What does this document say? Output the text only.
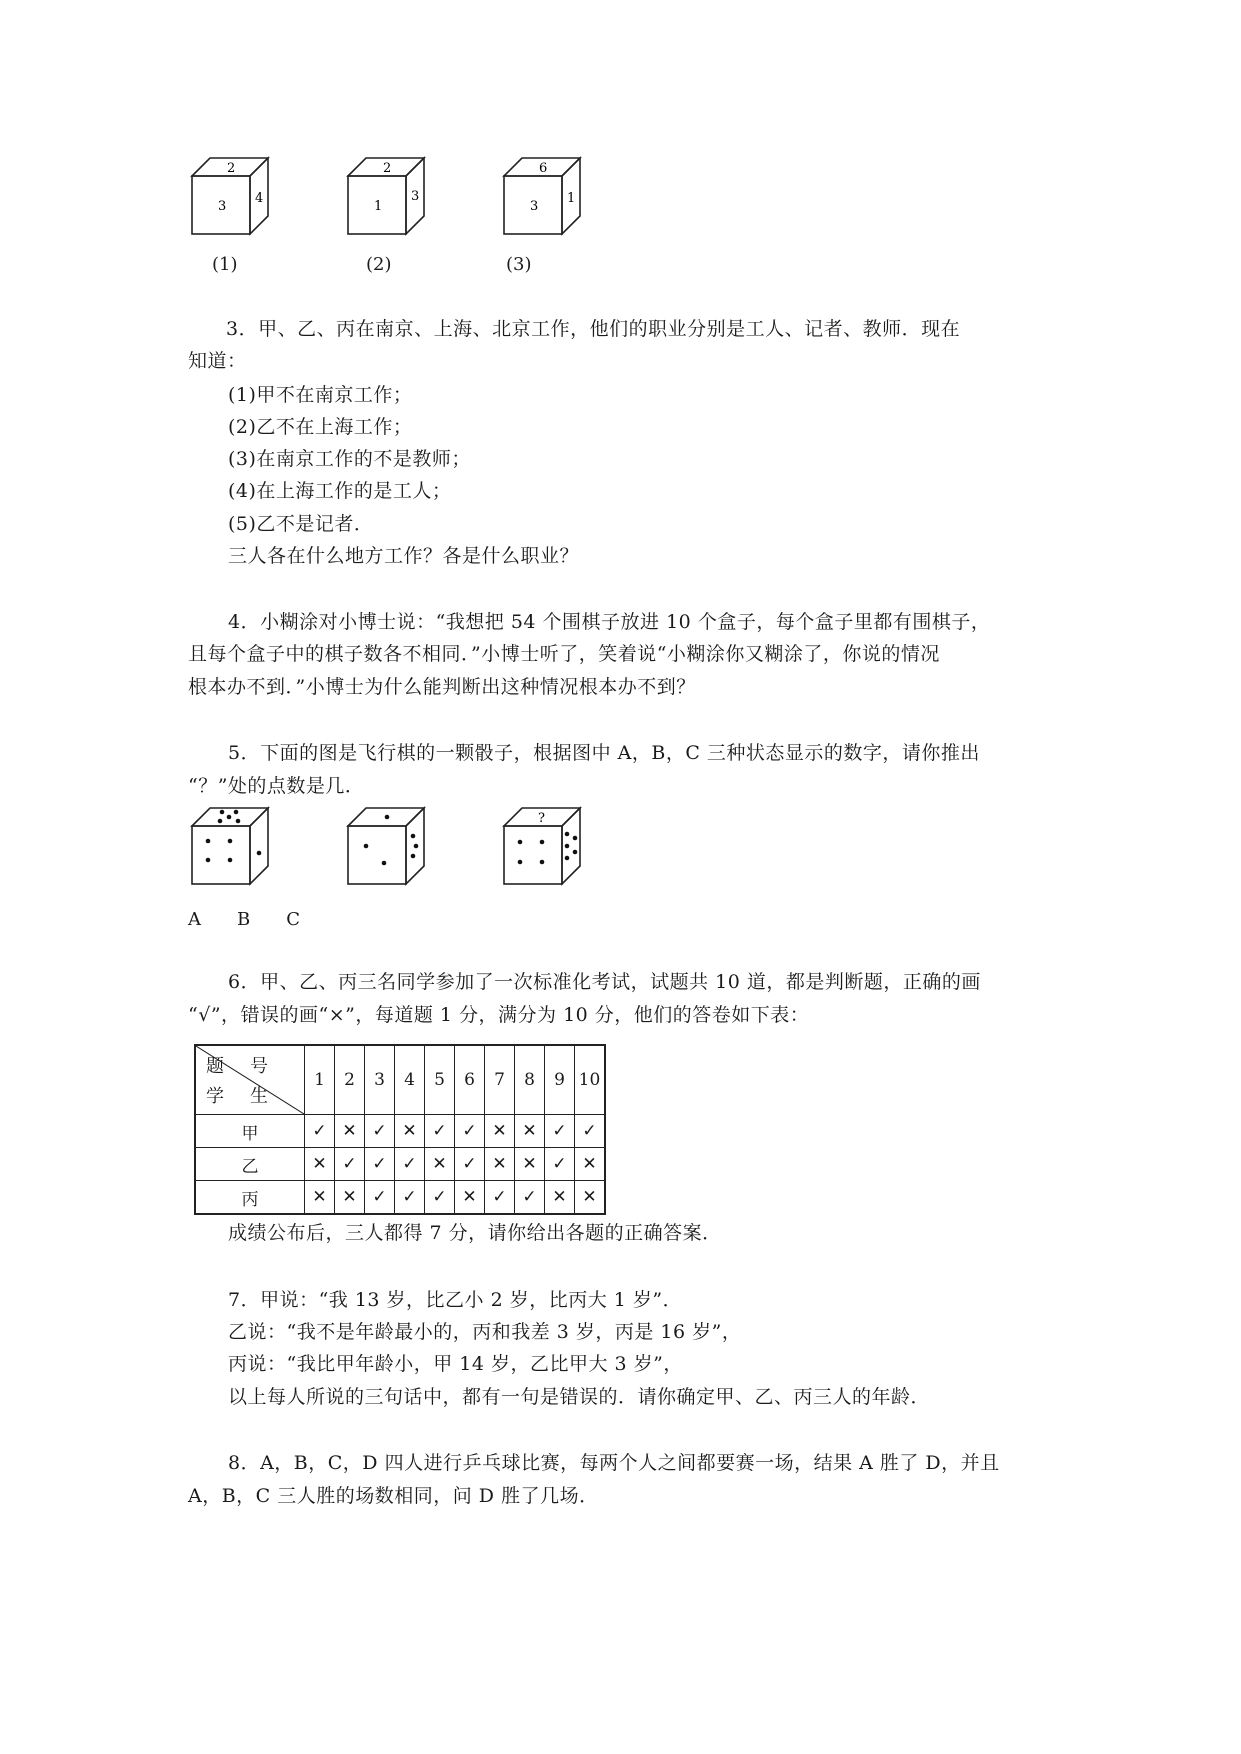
2
3
4
2
1
3
6
3
1
(1)	(2)	(3)
3．甲、乙、丙在南京、上海、北京工作，他们的职业分别是工人、记者、教师．现在
知道：
(1)甲不在南京工作；
(2)乙不在上海工作；
(3)在南京工作的不是教师；
(4)在上海工作的是工人；
(5)乙不是记者．
三人各在什么地方工作？各是什么职业？
4．小糊涂对小博士说：“我想把 54 个围棋子放进 10 个盒子，每个盒子里都有围棋子，
且每个盒子中的棋子数各不相同．”小博士听了，笑着说“小糊涂你又糊涂了，你说的情况
根本办不到．”小博士为什么能判断出这种情况根本办不到？
5．下面的图是飞行棋的一颗骰子，根据图中 A，B，C 三种状态显示的数字，请你推出
“？”处的点数是几．
?
A　　B　　C
6．甲、乙、丙三名同学参加了一次标准化考试，试题共 10 道，都是判断题，正确的画
“√”，错误的画“×”，每道题 1 分，满分为 10 分，他们的答卷如下表：
题号
学生	1	2	3	4	5	6	7	8	9	10
甲	✓	✕	✓	✕	✓	✓	✕	✕	✓	✓
乙	✕	✓	✓	✓	✕	✓	✕	✕	✓	✕
丙	✕	✕	✓	✓	✓	✕	✓	✓	✕	✕
成绩公布后，三人都得 7 分，请你给出各题的正确答案．
7．甲说：“我 13 岁，比乙小 2 岁，比丙大 1 岁”．
乙说：“我不是年龄最小的，丙和我差 3 岁，丙是 16 岁”，
丙说：“我比甲年龄小，甲 14 岁，乙比甲大 3 岁”，
以上每人所说的三句话中，都有一句是错误的．请你确定甲、乙、丙三人的年龄．
8．A，B，C，D 四人进行乒乓球比赛，每两个人之间都要赛一场，结果 A 胜了 D，并且
A，B，C 三人胜的场数相同，问 D 胜了几场．
